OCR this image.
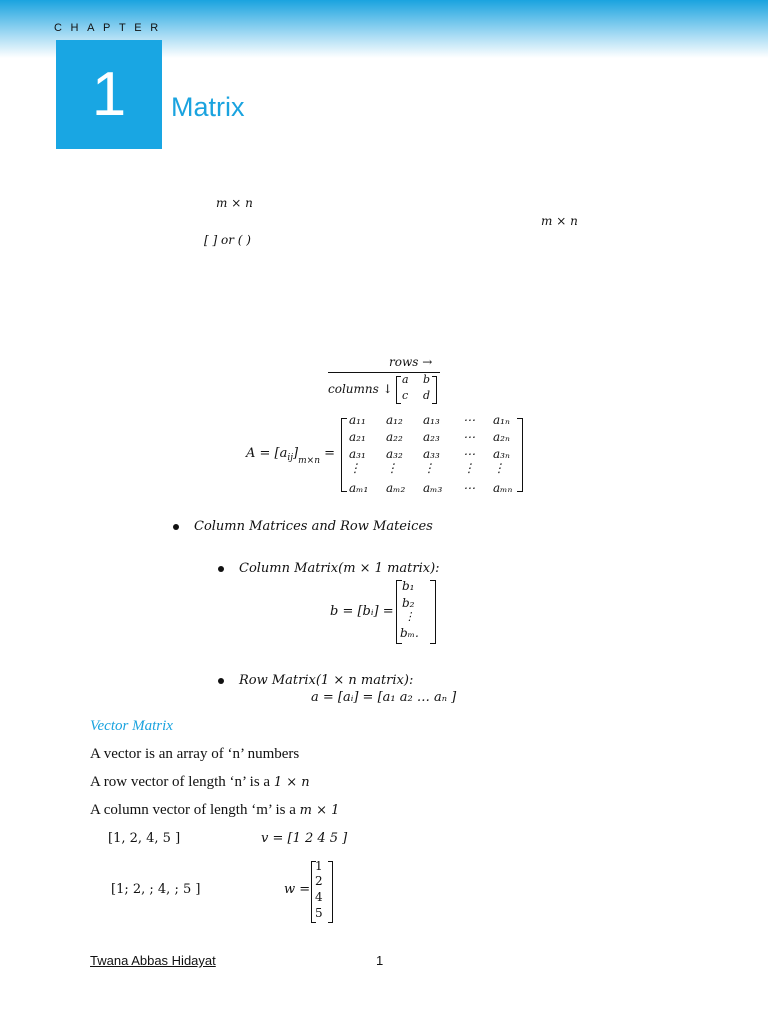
CHAPTER
1	Matrix
m × n
m × n
[ ] or ( )
rows →
columns ↓
a b
c d
$A = [a_{ij}]_{m\times n}$ =
a₁₁ a₁₂ a₁₃ ⋯ a₁ₙ
a₂₁ a₂₂ a₂₃ ⋯ a₂ₙ
a₃₁ a₃₂ a₃₃ ⋯ a₃ₙ
⋮ ⋮ ⋮ ⋮ ⋮
aₘ₁ aₘ₂ aₘ₃ ⋯ aₘₙ
Column Matrices and Row Mateices
Column Matrix(m × 1 matrix):
b = [bᵢ] =
b₁
b₂
⋮
bₘ.
Row Matrix(1 × n matrix):
a = [aᵢ] = [a₁ a₂ … aₙ ]
Vector Matrix
A vector is an array of ‘n’ numbers
A row vector of length ‘n’ is a 1 × n
A column vector of length ‘m’ is a m × 1
[1, 2, 4, 5 ]	v = [1 2 4 5 ]
[1; 2, ; 4, ; 5 ]	w =
1
2
4
5
Twana Abbas Hidayat	1
